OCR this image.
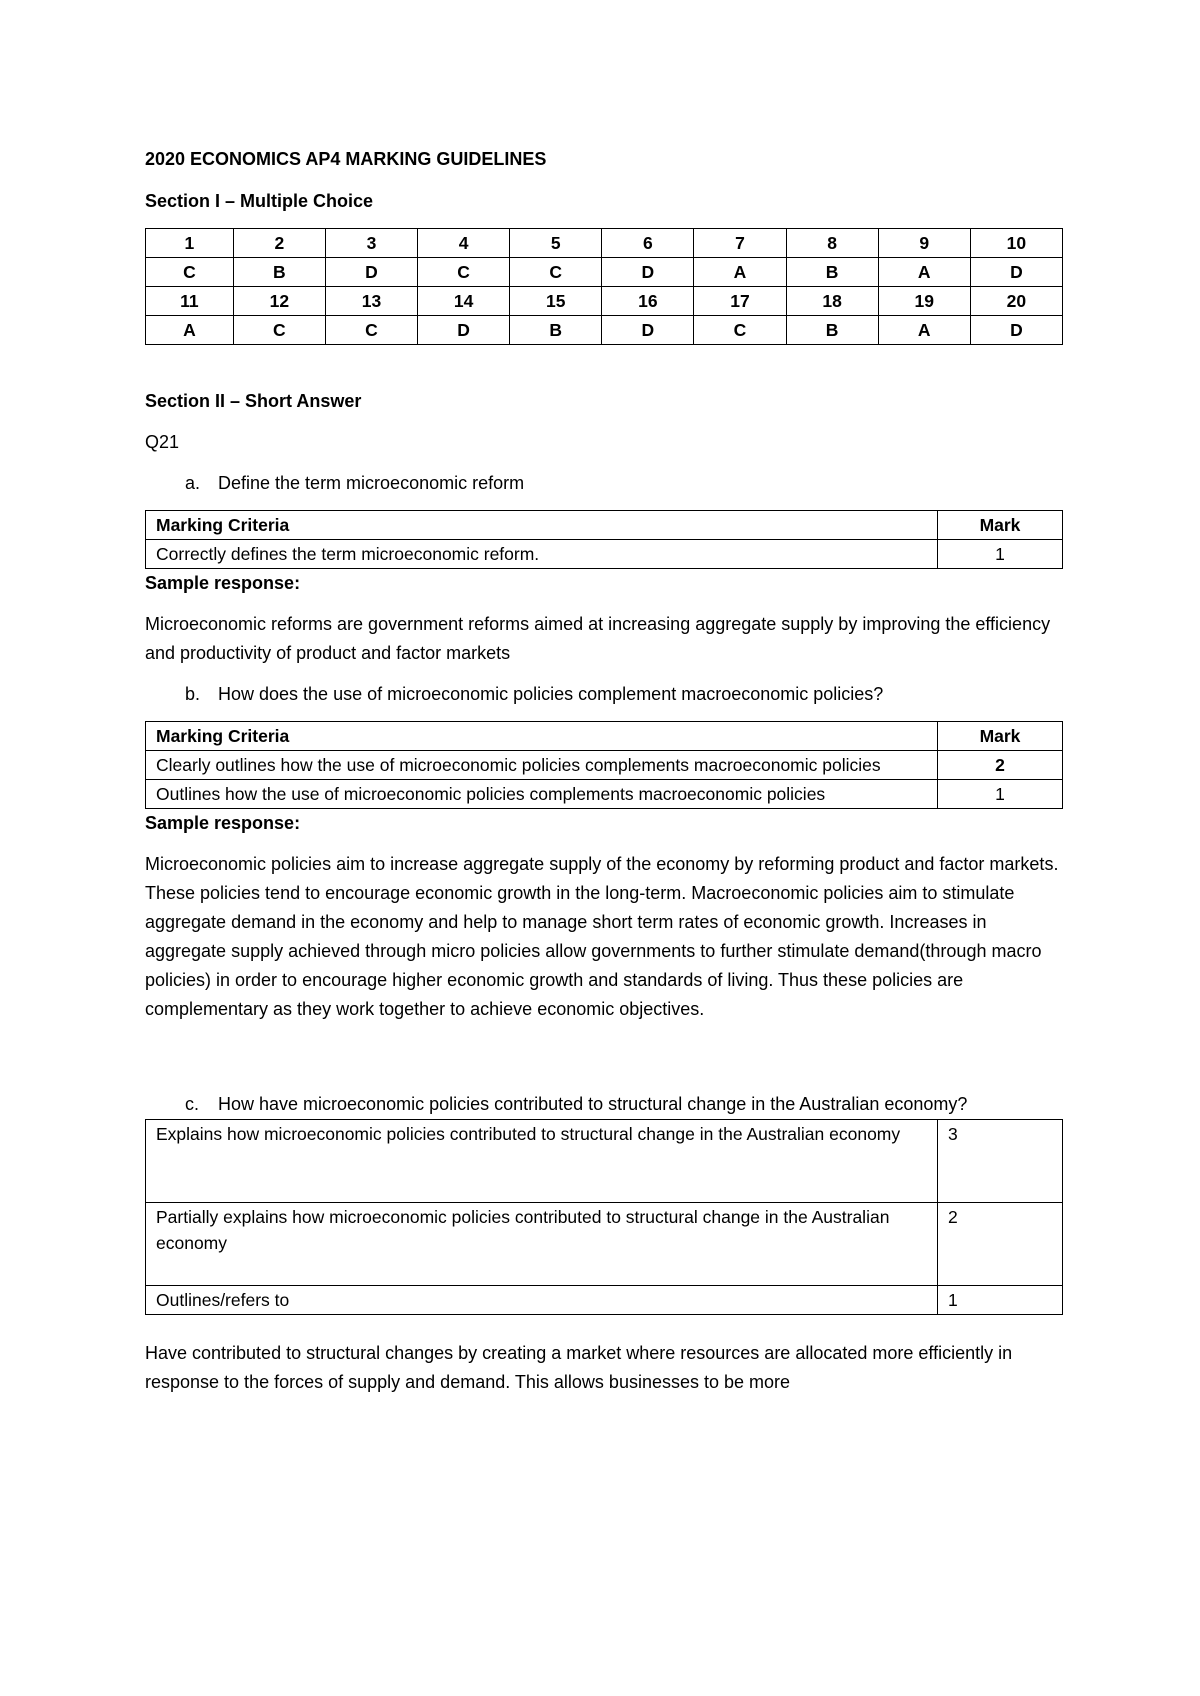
2020 ECONOMICS AP4 MARKING GUIDELINES
Section I – Multiple Choice
1	2	3	4	5	6	7	8	9	10
C	B	D	C	C	D	A	B	A	D
11	12	13	14	15	16	17	18	19	20
A	C	C	D	B	D	C	B	A	D
Section II – Short Answer
Q21
a. Define the term microeconomic reform
Marking Criteria	Mark
Correctly defines the term microeconomic reform.	1
Sample response:

Microeconomic reforms are government reforms aimed at increasing aggregate supply by improving the efficiency and productivity of product and factor markets

b. How does the use of microeconomic policies complement macroeconomic policies?
Marking Criteria	Mark
Clearly outlines how the use of microeconomic policies complements macroeconomic policies	2
Outlines how the use of microeconomic policies complements macroeconomic policies	1
Sample response:

Microeconomic policies aim to increase aggregate supply of the economy by reforming product and factor markets. These policies tend to encourage economic growth in the long-term. Macroeconomic policies aim to stimulate aggregate demand in the economy and help to manage short term rates of economic growth. Increases in aggregate supply achieved through micro policies allow governments to further stimulate demand(through macro policies) in order to encourage higher economic growth and standards of living. Thus these policies are complementary as they work together to achieve economic objectives.

c.	How have microeconomic policies contributed to structural change in the Australian economy?
Explains how microeconomic policies contributed to structural change in the Australian economy	3
Partially explains how microeconomic policies contributed to structural change in the Australian economy	2
Outlines/refers to	1

Have contributed to structural changes by creating a market where resources are allocated more efficiently in response to the forces of supply and demand. This allows businesses to be more
